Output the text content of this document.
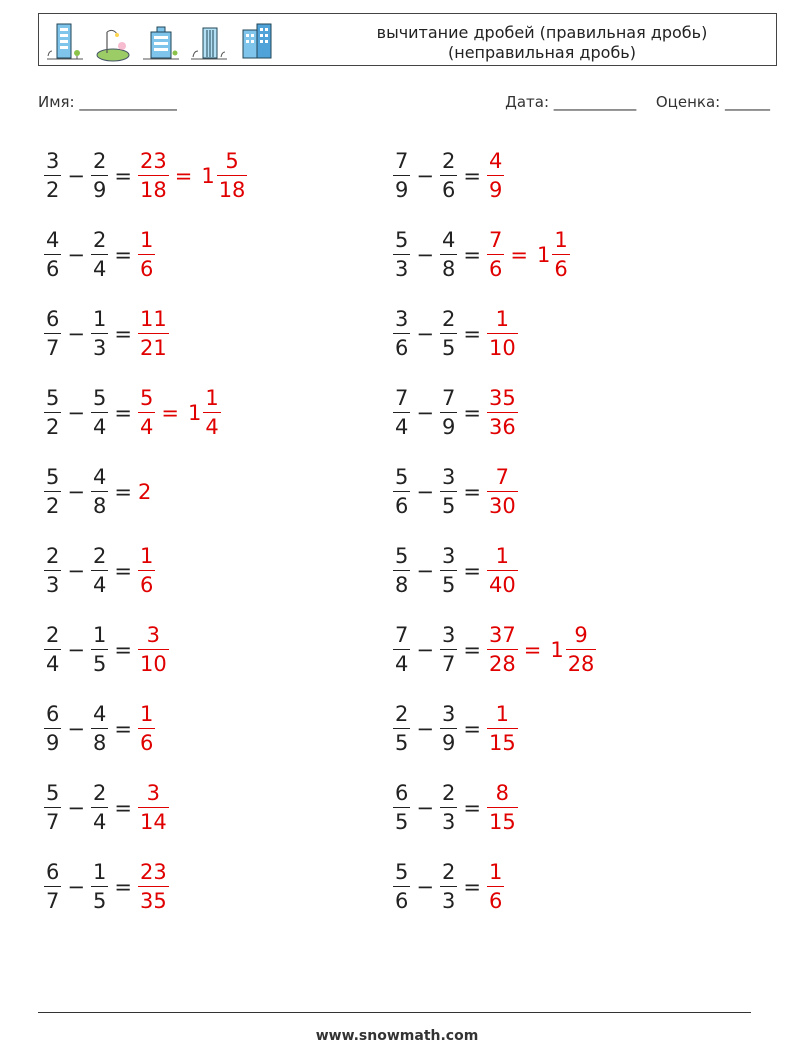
вычитание дробей (правильная дробь)
(неправильная дробь)
Имя: _____________	Дата: ___________ Оценка: ______
$\frac{3}{2} - \frac{2}{9} = \frac{23}{18} = 1 \frac{5}{18}$
$\frac{4}{6} - \frac{2}{4} = \frac{1}{6}$
$\frac{6}{7} - \frac{1}{3} = \frac{11}{21}$
$\frac{5}{2} - \frac{5}{4} = \frac{5}{4} = 1 \frac{1}{4}$
$\frac{5}{2} - \frac{4}{8} = 2$
$\frac{2}{3} - \frac{2}{4} = \frac{1}{6}$
$\frac{2}{4} - \frac{1}{5} = \frac{3}{10}$
$\frac{6}{9} - \frac{4}{8} = \frac{1}{6}$
$\frac{5}{7} - \frac{2}{4} = \frac{3}{14}$
$\frac{6}{7} - \frac{1}{5} = \frac{23}{35}$
$\frac{7}{9} - \frac{2}{6} = \frac{4}{9}$
$\frac{5}{3} - \frac{4}{8} = \frac{7}{6} = 1 \frac{1}{6}$
$\frac{3}{6} - \frac{2}{5} = \frac{1}{10}$
$\frac{7}{4} - \frac{7}{9} = \frac{35}{36}$
$\frac{5}{6} - \frac{3}{5} = \frac{7}{30}$
$\frac{5}{8} - \frac{3}{5} = \frac{1}{40}$
$\frac{7}{4} - \frac{3}{7} = \frac{37}{28} = 1 \frac{9}{28}$
$\frac{2}{5} - \frac{3}{9} = \frac{1}{15}$
$\frac{6}{5} - \frac{2}{3} = \frac{8}{15}$
$\frac{5}{6} - \frac{2}{3} = \frac{1}{6}$
www.snowmath.com
